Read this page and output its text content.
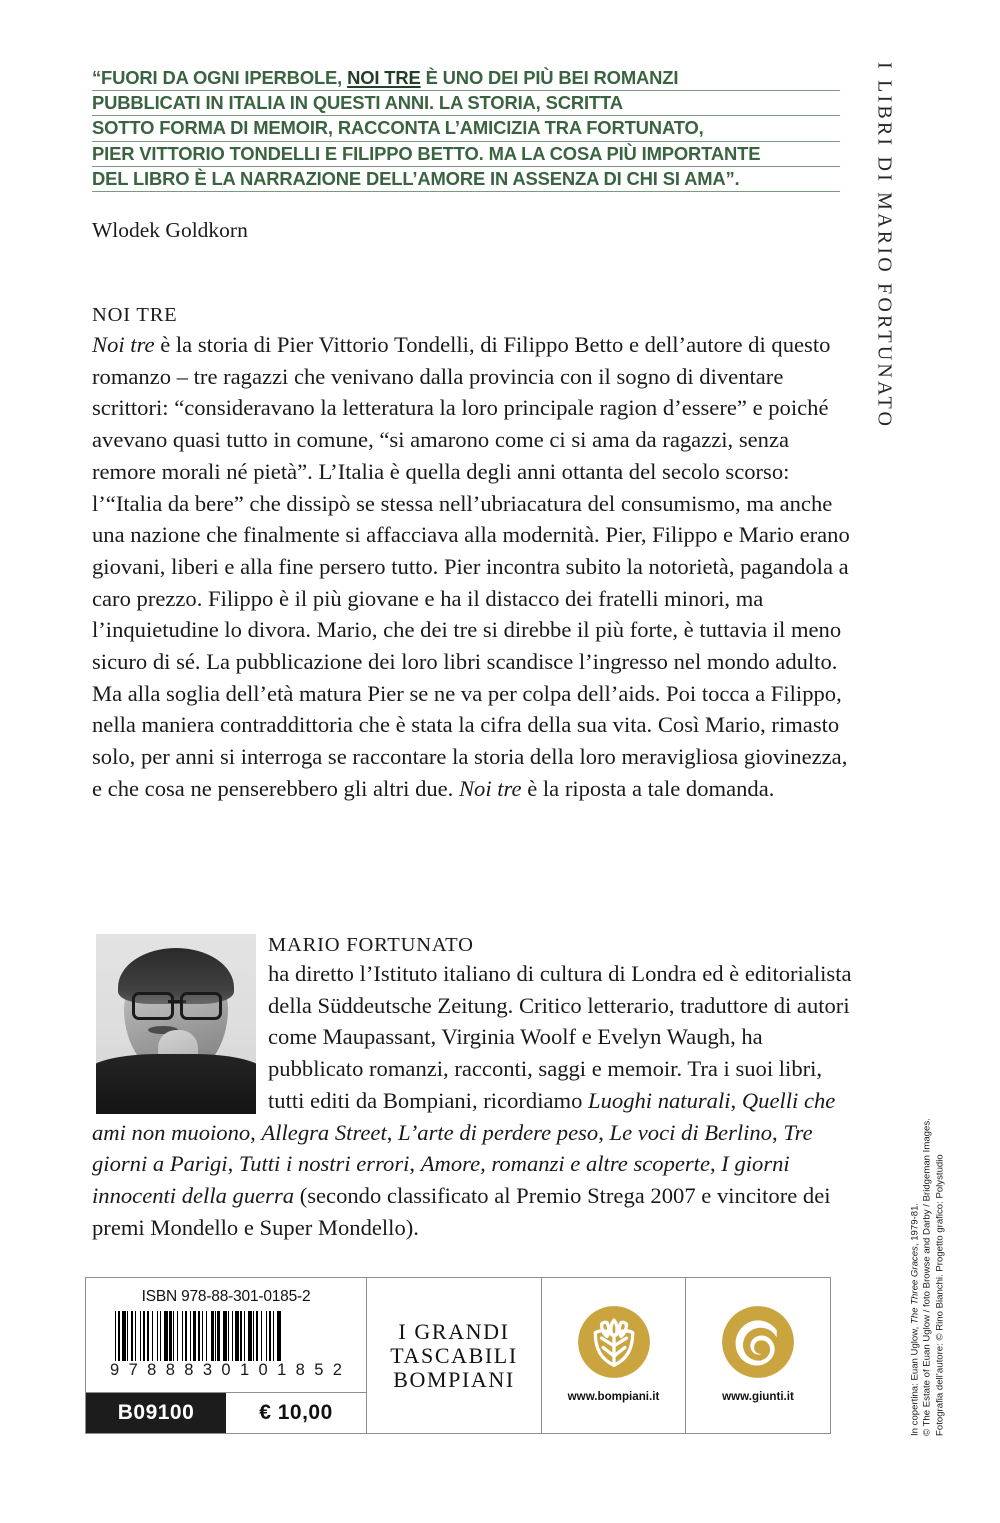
“FUORI DA OGNI IPERBOLE, NOI TRE È UNO DEI PIÙ BEI ROMANZI
PUBBLICATI IN ITALIA IN QUESTI ANNI. LA STORIA, SCRITTA
SOTTO FORMA DI MEMOIR, RACCONTA L’AMICIZIA TRA FORTUNATO,
PIER VITTORIO TONDELLI E FILIPPO BETTO. MA LA COSA PIÙ IMPORTANTE
DEL LIBRO È LA NARRAZIONE DELL’AMORE IN ASSENZA DI CHI SI AMA”.
Wlodek Goldkorn
NOI TRE
Noi tre è la storia di Pier Vittorio Tondelli, di Filippo Betto e dell’autore di questo romanzo – tre ragazzi che venivano dalla provincia con il sogno di diventare scrittori: “consideravano la letteratura la loro principale ragion d’essere” e poiché avevano quasi tutto in comune, “si amarono come ci si ama da ragazzi, senza remore morali né pietà”. L’Italia è quella degli anni ottanta del secolo scorso: l’“Italia da bere” che dissipò se stessa nell’ubriacatura del consumismo, ma anche una nazione che finalmente si affacciava alla modernità. Pier, Filippo e Mario erano giovani, liberi e alla fine persero tutto. Pier incontra subito la notorietà, pagandola a caro prezzo. Filippo è il più giovane e ha il distacco dei fratelli minori, ma l’inquietudine lo divora. Mario, che dei tre si direbbe il più forte, è tuttavia il meno sicuro di sé. La pubblicazione dei loro libri scandisce l’ingresso nel mondo adulto. Ma alla soglia dell’età matura Pier se ne va per colpa dell’aids. Poi tocca a Filippo, nella maniera contraddittoria che è stata la cifra della sua vita. Così Mario, rimasto solo, per anni si interroga se raccontare la storia della loro meravigliosa giovinezza, e che cosa ne penserebbero gli altri due. Noi tre è la riposta a tale domanda.
MARIO FORTUNATO
ha diretto l’Istituto italiano di cultura di Londra ed è editorialista della Süddeutsche Zeitung. Critico letterario, traduttore di autori come Maupassant, Virginia Woolf e Evelyn Waugh, ha pubblicato romanzi, racconti, saggi e memoir. Tra i suoi libri, tutti editi da Bompiani, ricordiamo Luoghi naturali, Quelli che ami non muoiono, Allegra Street, L’arte di perdere peso, Le voci di Berlino, Tre giorni a Parigi, Tutti i nostri errori, Amore, romanzi e altre scoperte, I giorni innocenti della guerra (secondo classificato al Premio Strega 2007 e vincitore dei premi Mondello e Super Mondello).
I LIBRI DI MARIO FORTUNATO
In copertina: Euan Uglow, The Three Graces, 1979-81. © The Estate of Euan Uglow / foto Browse and Darby / Bridgeman Images. Fotografia dell’autore: © Rino Bianchi. Progetto grafico: Polystudio
ISBN 978-88-301-0185-2
9 7 8 8 8 3 0 1 0 1 8 5 2
B09100	€ 10,00
I GRANDI
TASCABILI
BOMPIANI
www.bompiani.it	www.giunti.it
